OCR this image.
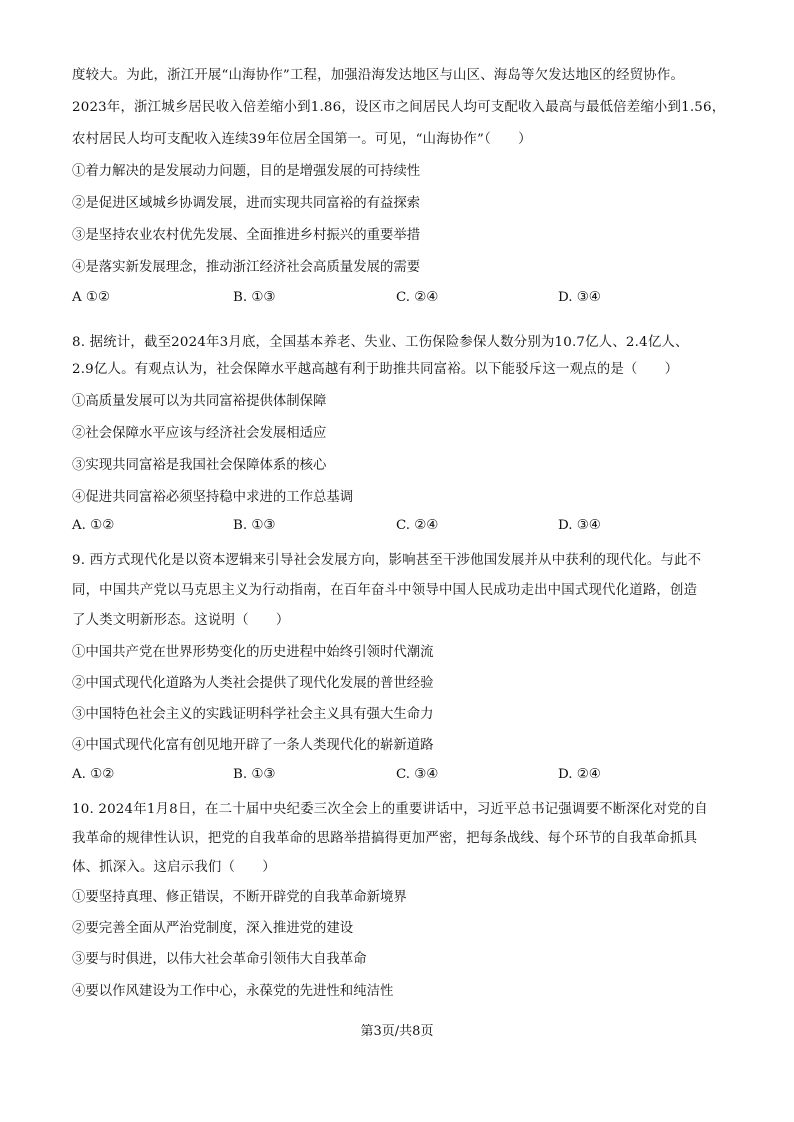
度较大。为此，浙江开展“山海协作”工程，加强沿海发达地区与山区、海岛等欠发达地区的经贸协作。
2023年，浙江城乡居民收入倍差缩小到1.86，设区市之间居民人均可支配收入最高与最低倍差缩小到1.56，
农村居民人均可支配收入连续39年位居全国第一。可见，“山海协作”（　　）
①着力解决的是发展动力问题，目的是增强发展的可持续性
②是促进区域城乡协调发展，进而实现共同富裕的有益探索
③是坚持农业农村优先发展、全面推进乡村振兴的重要举措
④是落实新发展理念，推动浙江经济社会高质量发展的需要
A ①②	B. ①③	C. ②④	D. ③④
8. 据统计，截至2024年3月底，全国基本养老、失业、工伤保险参保人数分别为10.7亿人、2.4亿人、
2.9亿人。有观点认为，社会保障水平越高越有利于助推共同富裕。以下能驳斥这一观点的是（　　）
①高质量发展可以为共同富裕提供体制保障
②社会保障水平应该与经济社会发展相适应
③实现共同富裕是我国社会保障体系的核心
④促进共同富裕必须坚持稳中求进的工作总基调
A. ①②	B. ①③	C. ②④	D. ③④
9. 西方式现代化是以资本逻辑来引导社会发展方向，影响甚至干涉他国发展并从中获利的现代化。与此不
同，中国共产党以马克思主义为行动指南，在百年奋斗中领导中国人民成功走出中国式现代化道路，创造
了人类文明新形态。这说明（　　）
①中国共产党在世界形势变化的历史进程中始终引领时代潮流
②中国式现代化道路为人类社会提供了现代化发展的普世经验
③中国特色社会主义的实践证明科学社会主义具有强大生命力
④中国式现代化富有创见地开辟了一条人类现代化的崭新道路
A. ①②	B. ①③	C. ③④	D. ②④
10. 2024年1月8日，在二十届中央纪委三次全会上的重要讲话中，习近平总书记强调要不断深化对党的自
我革命的规律性认识，把党的自我革命的思路举措搞得更加严密，把每条战线、每个环节的自我革命抓具
体、抓深入。这启示我们（　　）
①要坚持真理、修正错误，不断开辟党的自我革命新境界
②要完善全面从严治党制度，深入推进党的建设
③要与时俱进，以伟大社会革命引领伟大自我革命
④要以作风建设为工作中心，永葆党的先进性和纯洁性
第3页/共8页
